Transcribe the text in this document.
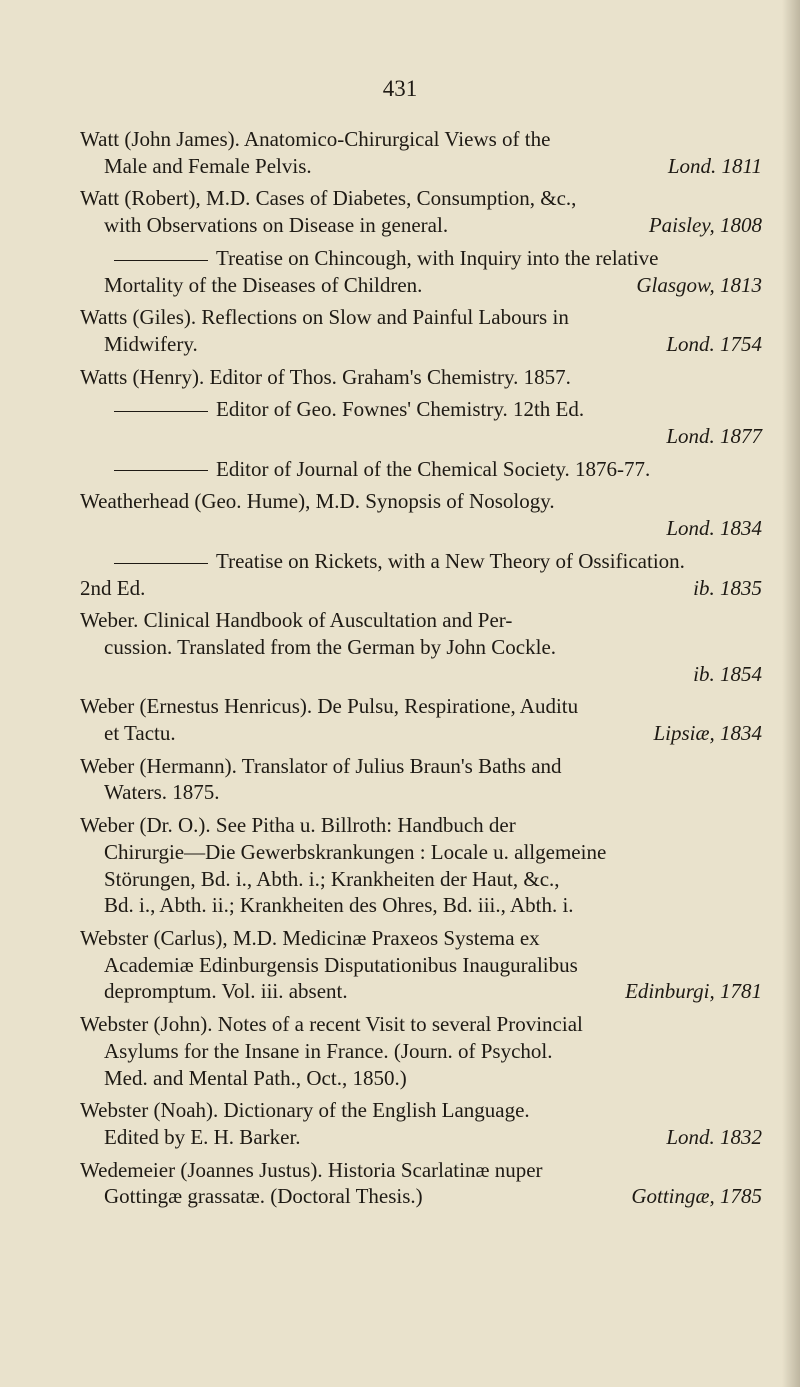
431
Watt (John James). Anatomico-Chirurgical Views of the
Male and Female Pelvis.	Lond. 1811
Watt (Robert), M.D. Cases of Diabetes, Consumption, &c.,
with Observations on Disease in general.	Paisley, 1808
Treatise on Chincough, with Inquiry into the relative
Mortality of the Diseases of Children.	Glasgow, 1813
Watts (Giles). Reflections on Slow and Painful Labours in
Midwifery.	Lond. 1754
Watts (Henry). Editor of Thos. Graham's Chemistry. 1857.
Editor of Geo. Fownes' Chemistry. 12th Ed.
Lond. 1877
Editor of Journal of the Chemical Society. 1876-77.
Weatherhead (Geo. Hume), M.D. Synopsis of Nosology.
Lond. 1834
Treatise on Rickets, with a New Theory of Ossification.
2nd Ed.	ib. 1835
Weber. Clinical Handbook of Auscultation and Per-
cussion. Translated from the German by John Cockle.
ib. 1854
Weber (Ernestus Henricus). De Pulsu, Respiratione, Auditu
et Tactu.	Lipsiæ, 1834
Weber (Hermann). Translator of Julius Braun's Baths and
Waters. 1875.
Weber (Dr. O.). See Pitha u. Billroth: Handbuch der
Chirurgie—Die Gewerbskrankungen : Locale u. allgemeine
Störungen, Bd. i., Abth. i.; Krankheiten der Haut, &c.,
Bd. i., Abth. ii.; Krankheiten des Ohres, Bd. iii., Abth. i.
Webster (Carlus), M.D. Medicinæ Praxeos Systema ex
Academiæ Edinburgensis Disputationibus Inauguralibus
depromptum. Vol. iii. absent.	Edinburgi, 1781
Webster (John). Notes of a recent Visit to several Provincial
Asylums for the Insane in France. (Journ. of Psychol.
Med. and Mental Path., Oct., 1850.)
Webster (Noah). Dictionary of the English Language.
Edited by E. H. Barker.	Lond. 1832
Wedemeier (Joannes Justus). Historia Scarlatinæ nuper
Gottingæ grassatæ. (Doctoral Thesis.)	Gottingæ, 1785
